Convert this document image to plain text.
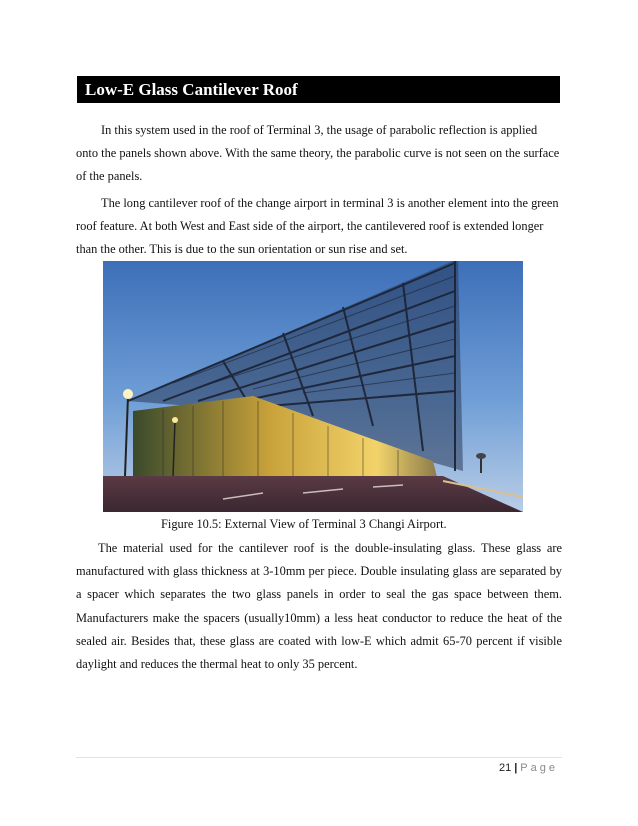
Low-E Glass Cantilever Roof

In this system used in the roof of Terminal 3, the usage of parabolic reflection is applied onto the panels shown above. With the same theory, the parabolic curve is not seen on the surface of the panels.

The long cantilever roof of the change airport in terminal 3 is another element into the green roof feature. At both West and East side of the airport, the cantilevered roof is extended longer than the other. This is due to the sun orientation or sun rise and set.

Figure 10.5: External View of Terminal 3 Changi Airport.

The material used for the cantilever roof is the double-insulating glass. These glass are manufactured with glass thickness at 3-10mm per piece. Double insulating glass are separated by a spacer which separates the two glass panels in order to seal the gas space between them. Manufacturers make the spacers (usually10mm) a less heat conductor to reduce the heat of the sealed air. Besides that, these glass are coated with low-E which admit 65-70 percent if visible daylight and reduces the thermal heat to only 35 percent.

21 | Page
